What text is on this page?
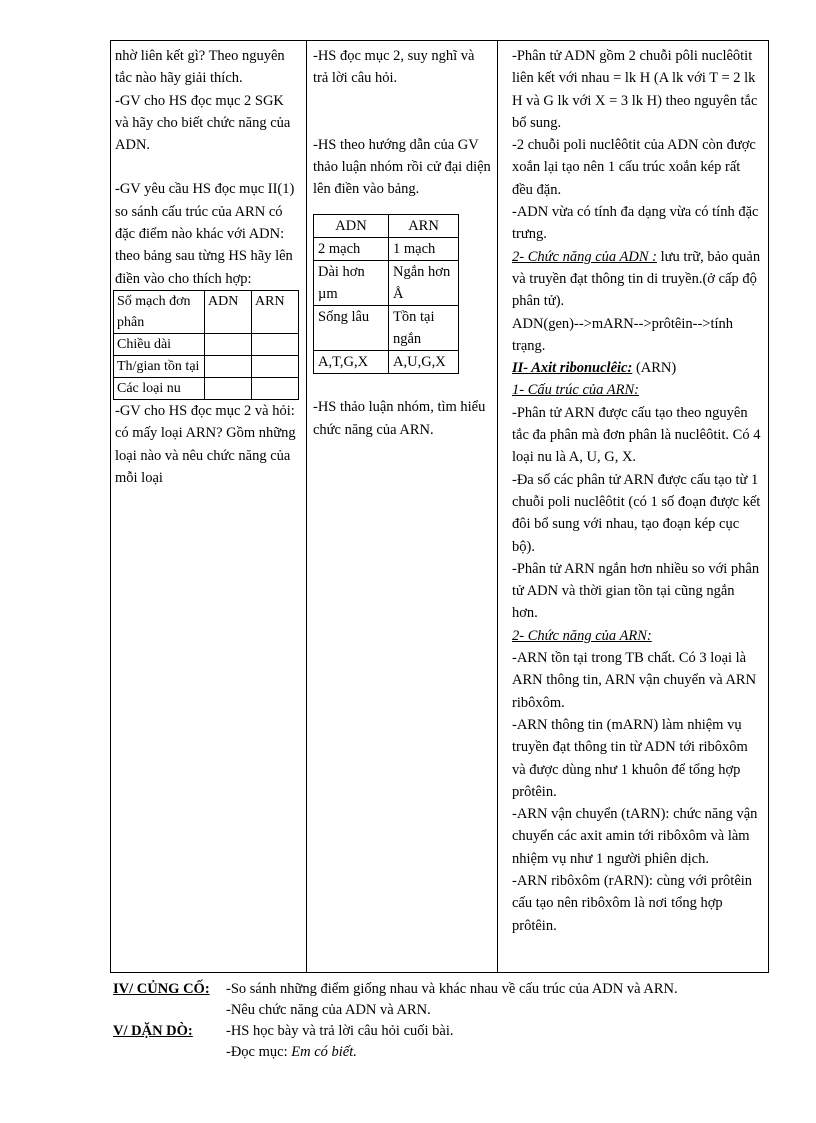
nhờ liên kết gì? Theo nguyên tắc nào hãy giải thích.

-GV cho HS đọc mục 2 SGK và hãy cho biết chức năng của ADN.

-GV yêu cầu HS đọc mục II(1) so sánh cấu trúc của ARN có đặc điểm nào khác với ADN: theo bảng sau từng HS hãy lên điền vào cho thích hợp:

Số mạch đơn phân	ADN	ARN
Chiều dài		
Th/gian tồn tại		
Các loại nu		

-GV cho HS đọc mục 2 và hỏi: có mấy loại ARN? Gồm những loại nào và nêu chức năng của mỗi loại

-HS đọc mục 2, suy nghĩ và trả lời câu hỏi.

-HS theo hướng dẫn của GV thảo luận nhóm rồi cử đại diện lên điền vào bảng.

ADN	ARN
2 mạch	1 mạch
Dài hơn µm	Ngắn hơn Å
Sống lâu	Tồn tại ngắn
A,T,G,X	A,U,G,X

-HS thảo luận nhóm, tìm hiểu chức năng của ARN.

-Phân tử ADN gồm 2 chuỗi pôli nuclêôtit liên kết với nhau = lk H (A lk với T = 2 lk H và G lk với X = 3 lk H) theo nguyên tắc bổ sung.

-2 chuỗi poli nuclêôtit của ADN còn được xoắn lại tạo nên 1 cấu trúc xoắn kép rất đều đặn.

-ADN vừa có tính đa dạng vừa có tính đặc trưng.

2- Chức năng của ADN : lưu trữ, bảo quản và truyền đạt thông tin di truyền.(ở cấp độ phân tử).

ADN(gen)-->mARN-->prôtêin-->tính trạng.

II- Axit ribonuclêic: (ARN)

1- Cấu trúc của ARN:

-Phân tử ARN được cấu tạo theo nguyên tắc đa phân mà đơn phân là nuclêôtit. Có 4 loại nu là A, U, G, X.

-Đa số các phân tử ARN được cấu tạo từ 1 chuỗi poli nuclêôtit (có 1 số đoạn được kết đôi bổ sung với nhau, tạo đoạn kép cục bộ).

-Phân tử ARN ngắn hơn nhiều so với phân tử ADN và thời gian tồn tại cũng ngắn hơn.

2- Chức năng của ARN:

-ARN tồn tại trong TB chất. Có 3 loại là ARN thông tin, ARN vận chuyển và ARN ribôxôm.

-ARN thông tin (mARN) làm nhiệm vụ truyền đạt thông tin từ ADN tới ribôxôm và được dùng như 1 khuôn để tổng hợp prôtêin.

-ARN vận chuyển (tARN): chức năng vận chuyển các axit amin tới ribôxôm và làm nhiệm vụ như 1 người phiên dịch.

-ARN ribôxôm (rARN): cùng với prôtêin cấu tạo nên ribôxôm là nơi tổng hợp prôtêin.

IV/ CỦNG CỐ:	-So sánh những điểm giống nhau và khác nhau về cấu trúc của ADN và ARN.
-Nêu chức năng của ADN và ARN.
V/ DẶN DÒ:	-HS học bày và trả lời câu hỏi cuối bài.
-Đọc mục: Em có biết.
